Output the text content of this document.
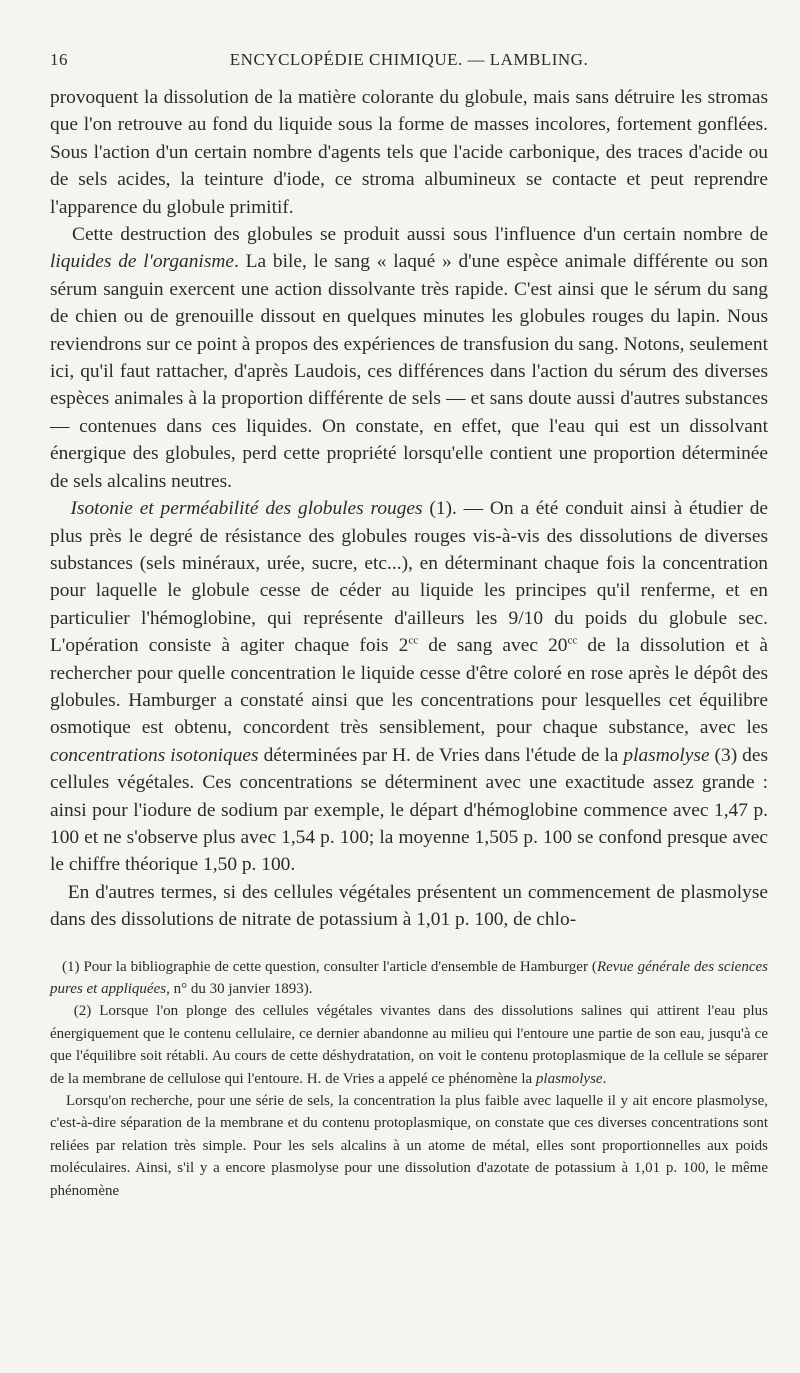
16	ENCYCLOPÉDIE CHIMIQUE. — LAMBLING.

provoquent la dissolution de la matière colorante du globule, mais sans détruire les stromas que l'on retrouve au fond du liquide sous la forme de masses incolores, fortement gonflées. Sous l'action d'un certain nombre d'agents tels que l'acide carbonique, des traces d'acide ou de sels acides, la teinture d'iode, ce stroma albumineux se contacte et peut reprendre l'apparence du globule primitif.

Cette destruction des globules se produit aussi sous l'influence d'un certain nombre de liquides de l'organisme. La bile, le sang « laqué » d'une espèce animale différente ou son sérum sanguin exercent une action dissolvante très rapide. C'est ainsi que le sérum du sang de chien ou de grenouille dissout en quelques minutes les globules rouges du lapin. Nous reviendrons sur ce point à propos des expériences de transfusion du sang. Notons, seulement ici, qu'il faut rattacher, d'après Laudois, ces différences dans l'action du sérum des diverses espèces animales à la proportion différente de sels — et sans doute aussi d'autres substances — contenues dans ces liquides. On constate, en effet, que l'eau qui est un dissolvant énergique des globules, perd cette propriété lorsqu'elle contient une proportion déterminée de sels alcalins neutres.

Isotonie et perméabilité des globules rouges (1). — On a été conduit ainsi à étudier de plus près le degré de résistance des globules rouges vis-à-vis des dissolutions de diverses substances (sels minéraux, urée, sucre, etc...), en déterminant chaque fois la concentration pour laquelle le globule cesse de céder au liquide les principes qu'il renferme, et en particulier l'hémoglobine, qui représente d'ailleurs les 9/10 du poids du globule sec. L'opération consiste à agiter chaque fois $2^{cc}$ de sang avec $20^{cc}$ de la dissolution et à rechercher pour quelle concentration le liquide cesse d'être coloré en rose après le dépôt des globules. Hamburger a constaté ainsi que les concentrations pour lesquelles cet équilibre osmotique est obtenu, concordent très sensiblement, pour chaque substance, avec les concentrations isotoniques déterminées par H. de Vries dans l'étude de la plasmolyse (3) des cellules végétales. Ces concentrations se déterminent avec une exactitude assez grande : ainsi pour l'iodure de sodium par exemple, le départ d'hémoglobine commence avec 1,47 p. 100 et ne s'observe plus avec 1,54 p. 100; la moyenne 1,505 p. 100 se confond presque avec le chiffre théorique 1,50 p. 100.

En d'autres termes, si des cellules végétales présentent un commencement de plasmolyse dans des dissolutions de nitrate de potassium à 1,01 p. 100, de chlo-

(1) Pour la bibliographie de cette question, consulter l'article d'ensemble de Hamburger (Revue générale des sciences pures et appliquées, n° du 30 janvier 1893).

(2) Lorsque l'on plonge des cellules végétales vivantes dans des dissolutions salines qui attirent l'eau plus énergiquement que le contenu cellulaire, ce dernier abandonne au milieu qui l'entoure une partie de son eau, jusqu'à ce que l'équilibre soit rétabli. Au cours de cette déshydratation, on voit le contenu protoplasmique de la cellule se séparer de la membrane de cellulose qui l'entoure. H. de Vries a appelé ce phénomène la plasmolyse.

Lorsqu'on recherche, pour une série de sels, la concentration la plus faible avec laquelle il y ait encore plasmolyse, c'est-à-dire séparation de la membrane et du contenu protoplasmique, on constate que ces diverses concentrations sont reliées par relation très simple. Pour les sels alcalins à un atome de métal, elles sont proportionnelles aux poids moléculaires. Ainsi, s'il y a encore plasmolyse pour une dissolution d'azotate de potassium à 1,01 p. 100, le même phénomène
